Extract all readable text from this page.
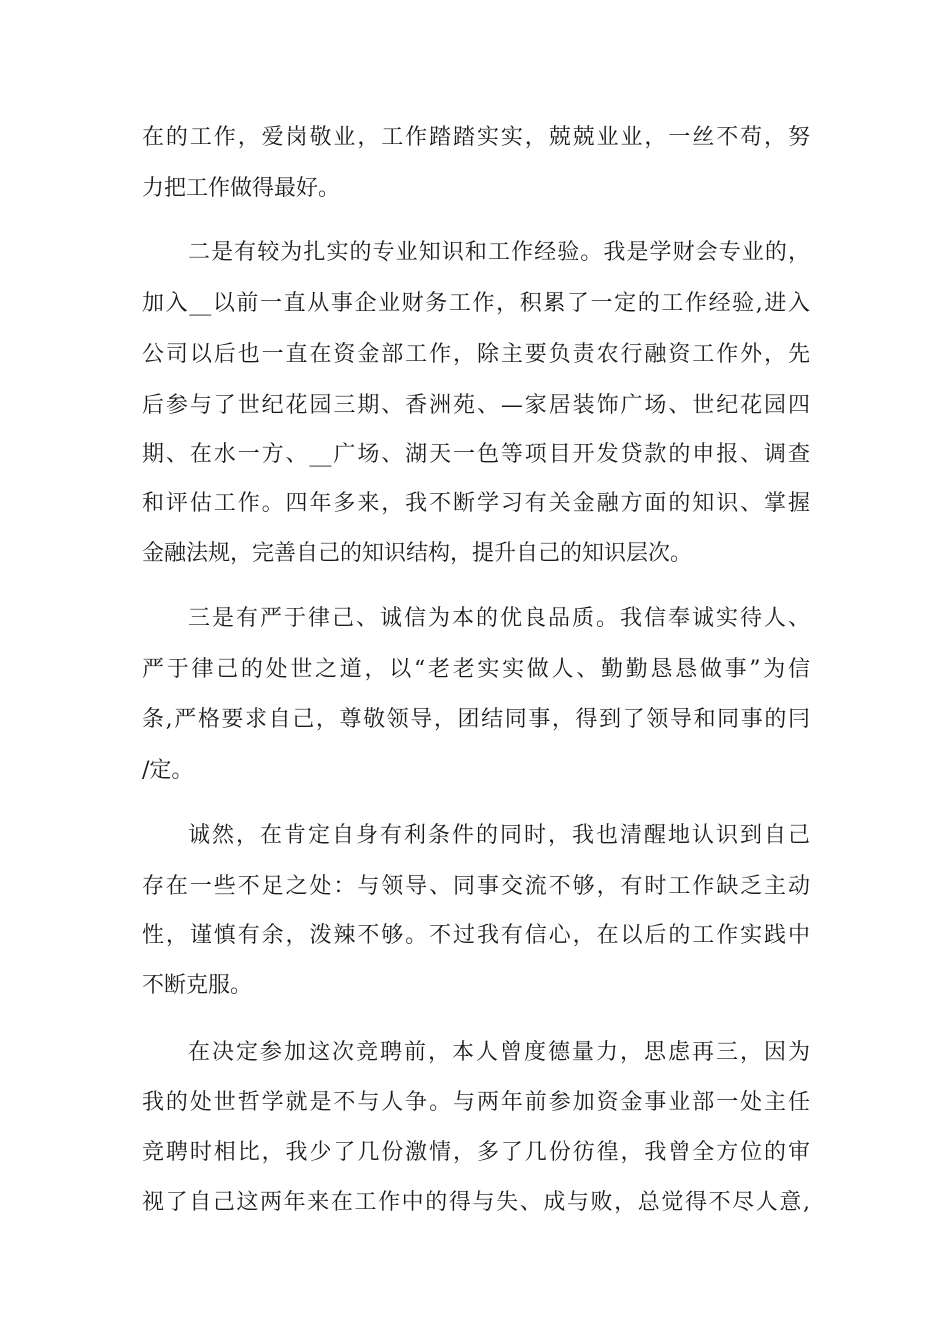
在的工作，爱岗敬业，工作踏踏实实，兢兢业业，一丝不苟，努
力把工作做得最好。
二是有较为扎实的专业知识和工作经验。我是学财会专业的，
加入__以前一直从事企业财务工作，积累了一定的工作经验,进入
公司以后也一直在资金部工作，除主要负责农行融资工作外，先
后参与了世纪花园三期、香洲苑、—家居装饰广场、世纪花园四
期、在水一方、__广场、湖天一色等项目开发贷款的申报、调查
和评估工作。四年多来，我不断学习有关金融方面的知识、掌握
金融法规，完善自己的知识结构，提升自己的知识层次。
三是有严于律己、诚信为本的优良品质。我信奉诚实待人、
严于律己的处世之道，以“老老实实做人、勤勤恳恳做事”为信
条,严格要求自己，尊敬领导，团结同事，得到了领导和同事的冃
/定。
诚然，在肯定自身有利条件的同时，我也清醒地认识到自己
存在一些不足之处：与领导、同事交流不够，有时工作缺乏主动
性，谨慎有余，泼辣不够。不过我有信心，在以后的工作实践中
不断克服。
在决定参加这次竞聘前，本人曾度德量力，思虑再三，因为
我的处世哲学就是不与人争。与两年前参加资金事业部一处主任
竞聘时相比，我少了几份激情，多了几份彷徨，我曾全方位的审
视了自己这两年来在工作中的得与失、成与败，总觉得不尽人意,
